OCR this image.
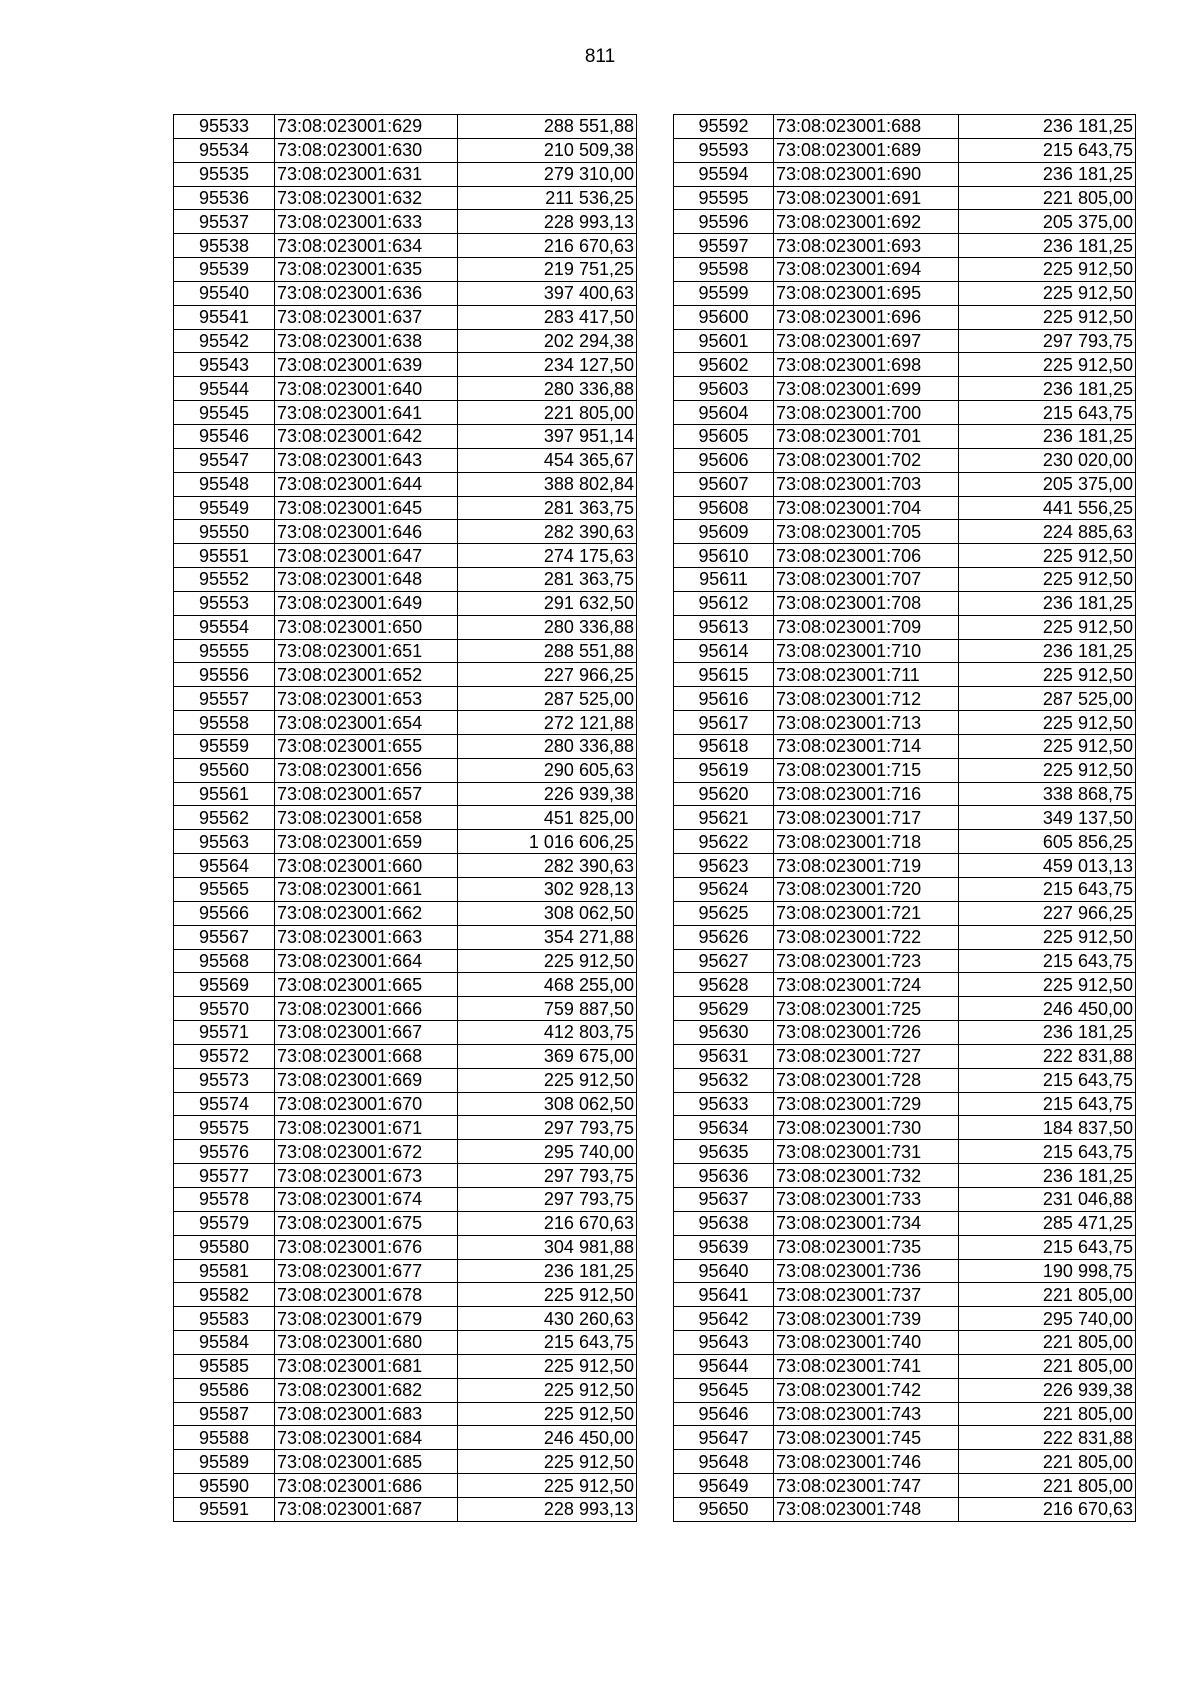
811
95533	73:08:023001:629	288 551,88
95534	73:08:023001:630	210 509,38
95535	73:08:023001:631	279 310,00
95536	73:08:023001:632	211 536,25
95537	73:08:023001:633	228 993,13
95538	73:08:023001:634	216 670,63
95539	73:08:023001:635	219 751,25
95540	73:08:023001:636	397 400,63
95541	73:08:023001:637	283 417,50
95542	73:08:023001:638	202 294,38
95543	73:08:023001:639	234 127,50
95544	73:08:023001:640	280 336,88
95545	73:08:023001:641	221 805,00
95546	73:08:023001:642	397 951,14
95547	73:08:023001:643	454 365,67
95548	73:08:023001:644	388 802,84
95549	73:08:023001:645	281 363,75
95550	73:08:023001:646	282 390,63
95551	73:08:023001:647	274 175,63
95552	73:08:023001:648	281 363,75
95553	73:08:023001:649	291 632,50
95554	73:08:023001:650	280 336,88
95555	73:08:023001:651	288 551,88
95556	73:08:023001:652	227 966,25
95557	73:08:023001:653	287 525,00
95558	73:08:023001:654	272 121,88
95559	73:08:023001:655	280 336,88
95560	73:08:023001:656	290 605,63
95561	73:08:023001:657	226 939,38
95562	73:08:023001:658	451 825,00
95563	73:08:023001:659	1 016 606,25
95564	73:08:023001:660	282 390,63
95565	73:08:023001:661	302 928,13
95566	73:08:023001:662	308 062,50
95567	73:08:023001:663	354 271,88
95568	73:08:023001:664	225 912,50
95569	73:08:023001:665	468 255,00
95570	73:08:023001:666	759 887,50
95571	73:08:023001:667	412 803,75
95572	73:08:023001:668	369 675,00
95573	73:08:023001:669	225 912,50
95574	73:08:023001:670	308 062,50
95575	73:08:023001:671	297 793,75
95576	73:08:023001:672	295 740,00
95577	73:08:023001:673	297 793,75
95578	73:08:023001:674	297 793,75
95579	73:08:023001:675	216 670,63
95580	73:08:023001:676	304 981,88
95581	73:08:023001:677	236 181,25
95582	73:08:023001:678	225 912,50
95583	73:08:023001:679	430 260,63
95584	73:08:023001:680	215 643,75
95585	73:08:023001:681	225 912,50
95586	73:08:023001:682	225 912,50
95587	73:08:023001:683	225 912,50
95588	73:08:023001:684	246 450,00
95589	73:08:023001:685	225 912,50
95590	73:08:023001:686	225 912,50
95591	73:08:023001:687	228 993,13
95592	73:08:023001:688	236 181,25
95593	73:08:023001:689	215 643,75
95594	73:08:023001:690	236 181,25
95595	73:08:023001:691	221 805,00
95596	73:08:023001:692	205 375,00
95597	73:08:023001:693	236 181,25
95598	73:08:023001:694	225 912,50
95599	73:08:023001:695	225 912,50
95600	73:08:023001:696	225 912,50
95601	73:08:023001:697	297 793,75
95602	73:08:023001:698	225 912,50
95603	73:08:023001:699	236 181,25
95604	73:08:023001:700	215 643,75
95605	73:08:023001:701	236 181,25
95606	73:08:023001:702	230 020,00
95607	73:08:023001:703	205 375,00
95608	73:08:023001:704	441 556,25
95609	73:08:023001:705	224 885,63
95610	73:08:023001:706	225 912,50
95611	73:08:023001:707	225 912,50
95612	73:08:023001:708	236 181,25
95613	73:08:023001:709	225 912,50
95614	73:08:023001:710	236 181,25
95615	73:08:023001:711	225 912,50
95616	73:08:023001:712	287 525,00
95617	73:08:023001:713	225 912,50
95618	73:08:023001:714	225 912,50
95619	73:08:023001:715	225 912,50
95620	73:08:023001:716	338 868,75
95621	73:08:023001:717	349 137,50
95622	73:08:023001:718	605 856,25
95623	73:08:023001:719	459 013,13
95624	73:08:023001:720	215 643,75
95625	73:08:023001:721	227 966,25
95626	73:08:023001:722	225 912,50
95627	73:08:023001:723	215 643,75
95628	73:08:023001:724	225 912,50
95629	73:08:023001:725	246 450,00
95630	73:08:023001:726	236 181,25
95631	73:08:023001:727	222 831,88
95632	73:08:023001:728	215 643,75
95633	73:08:023001:729	215 643,75
95634	73:08:023001:730	184 837,50
95635	73:08:023001:731	215 643,75
95636	73:08:023001:732	236 181,25
95637	73:08:023001:733	231 046,88
95638	73:08:023001:734	285 471,25
95639	73:08:023001:735	215 643,75
95640	73:08:023001:736	190 998,75
95641	73:08:023001:737	221 805,00
95642	73:08:023001:739	295 740,00
95643	73:08:023001:740	221 805,00
95644	73:08:023001:741	221 805,00
95645	73:08:023001:742	226 939,38
95646	73:08:023001:743	221 805,00
95647	73:08:023001:745	222 831,88
95648	73:08:023001:746	221 805,00
95649	73:08:023001:747	221 805,00
95650	73:08:023001:748	216 670,63
